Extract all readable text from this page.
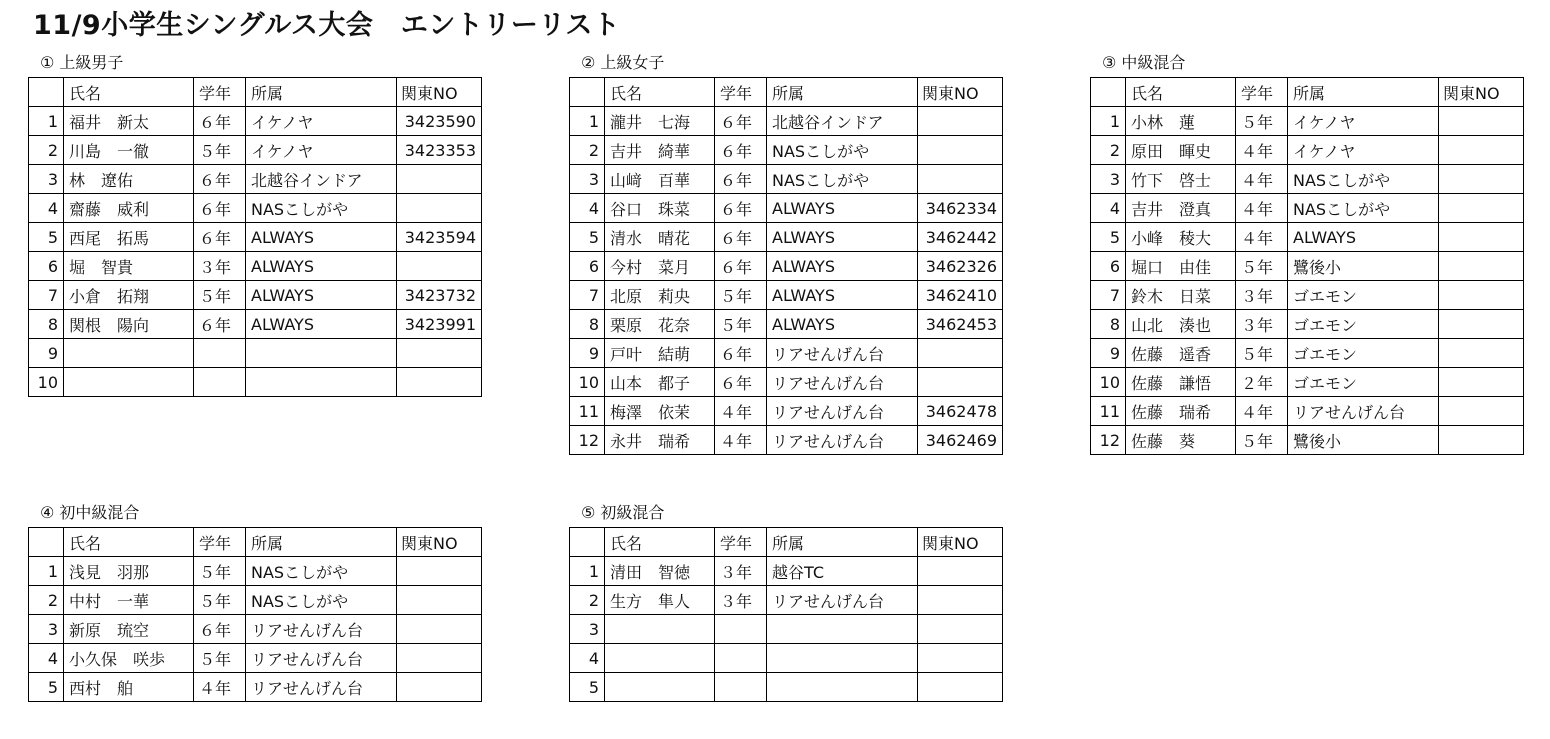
11/9小学生シングルス大会　エントリーリスト
① 上級男子
	氏名	学年	所属	関東NO
1	福井　新太	６年	イケノヤ	3423590
2	川島　一徹	５年	イケノヤ	3423353
3	林　遼佑	６年	北越谷インドア	
4	齋藤　威利	６年	NASこしがや	
5	西尾　拓馬	６年	ALWAYS	3423594
6	堀　智貴	３年	ALWAYS	
7	小倉　拓翔	５年	ALWAYS	3423732
8	関根　陽向	６年	ALWAYS	3423991
9				
10				
② 上級女子
	氏名	学年	所属	関東NO
1	瀧井　七海	６年	北越谷インドア	
2	吉井　綺華	６年	NASこしがや	
3	山﨑　百華	６年	NASこしがや	
4	谷口　珠菜	６年	ALWAYS	3462334
5	清水　晴花	６年	ALWAYS	3462442
6	今村　菜月	６年	ALWAYS	3462326
7	北原　莉央	５年	ALWAYS	3462410
8	栗原　花奈	５年	ALWAYS	3462453
9	戸叶　結萌	６年	リアせんげん台	
10	山本　都子	６年	リアせんげん台	
11	梅澤　依茉	４年	リアせんげん台	3462478
12	永井　瑞希	４年	リアせんげん台	3462469
③ 中級混合
	氏名	学年	所属	関東NO
1	小林　蓮	５年	イケノヤ	
2	原田　暉史	４年	イケノヤ	
3	竹下　啓士	４年	NASこしがや	
4	吉井　澄真	４年	NASこしがや	
5	小峰　稜大	４年	ALWAYS	
6	堀口　由佳	５年	鷺後小	
7	鈴木　日菜	３年	ゴエモン	
8	山北　湊也	３年	ゴエモン	
9	佐藤　遥香	５年	ゴエモン	
10	佐藤　謙悟	２年	ゴエモン	
11	佐藤　瑞希	４年	リアせんげん台	
12	佐藤　葵	５年	鷺後小	
④ 初中級混合
	氏名	学年	所属	関東NO
1	浅見　羽那	５年	NASこしがや	
2	中村　一華	５年	NASこしがや	
3	新原　琉空	６年	リアせんげん台	
4	小久保　咲歩	５年	リアせんげん台	
5	西村　舶	４年	リアせんげん台	
⑤ 初級混合
	氏名	学年	所属	関東NO
1	清田　智徳	３年	越谷TC	
2	生方　隼人	３年	リアせんげん台	
3				
4				
5				
